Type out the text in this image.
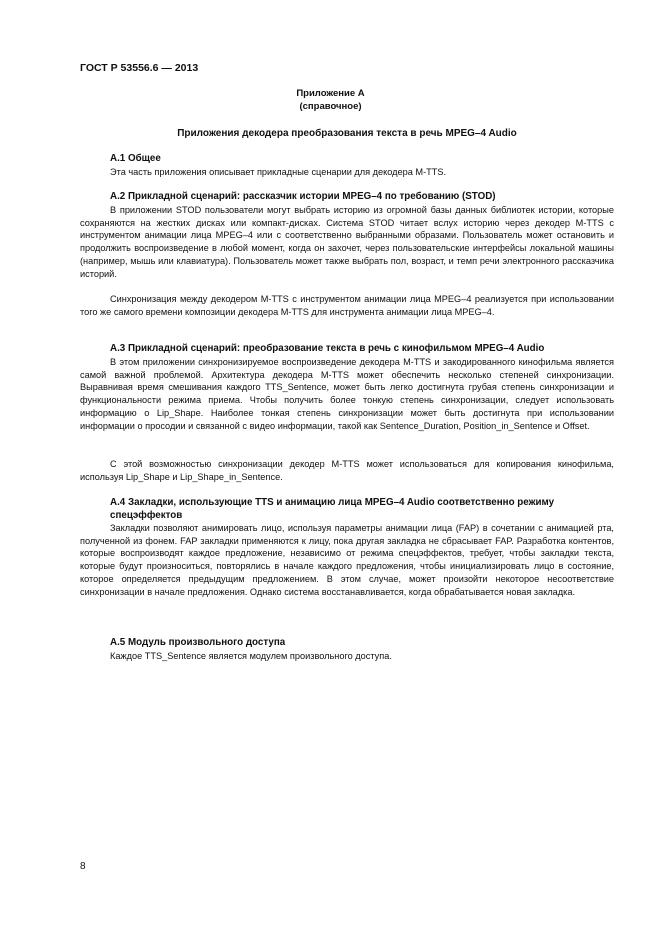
ГОСТ Р 53556.6 — 2013
Приложение А
(справочное)
Приложения декодера преобразования текста в речь MPEG–4 Audio
А.1 Общее
Эта часть приложения описывает прикладные сценарии для декодера M-TTS.
А.2 Прикладной сценарий: рассказчик истории MPEG–4 по требованию (STOD)
В приложении STOD пользователи могут выбрать историю из огромной базы данных библиотек истории, которые сохраняются на жестких дисках или компакт-дисках. Система STOD читает вслух историю через декодер M-TTS с инструментом анимации лица MPEG–4 или с соответственно выбранными образами. Пользователь может остановить и продолжить воспроизведение в любой момент, когда он захочет, через пользовательские интерфейсы локальной машины (например, мышь или клавиатура). Пользователь может также выбрать пол, возраст, и темп речи электронного рассказчика историй.
Синхронизация между декодером M-TTS с инструментом анимации лица MPEG–4 реализуется при использовании того же самого времени композиции декодера M-TTS для инструмента анимации лица MPEG–4.
А.3 Прикладной сценарий: преобразование текста в речь с кинофильмом MPEG–4 Audio
В этом приложении синхронизируемое воспроизведение декодера M-TTS и закодированного кинофильма является самой важной проблемой. Архитектура декодера M-TTS может обеспечить несколько степеней синхронизации. Выравнивая время смешивания каждого TTS_Sentence, может быть легко достигнута грубая степень синхронизации и функциональности режима приема. Чтобы получить более тонкую степень синхронизации, следует использовать информацию о Lip_Shape. Наиболее тонкая степень синхронизации может быть достигнута при использовании информации о просодии и связанной с видео информации, такой как Sentence_Duration, Position_in_Sentence и Offset.
С этой возможностью синхронизации декодер M-TTS может использоваться для копирования кинофильма, используя Lip_Shape и Lip_Shape_in_Sentence.
А.4 Закладки, использующие TTS и анимацию лица MPEG–4 Audio соответственно режиму спецэффектов
Закладки позволяют анимировать лицо, используя параметры анимации лица (FAP) в сочетании с анимацией рта, полученной из фонем. FAP закладки применяются к лицу, пока другая закладка не сбрасывает FAP. Разработка контентов, которые воспроизводят каждое предложение, независимо от режима спецэффектов, требует, чтобы закладки текста, которые будут произноситься, повторялись в начале каждого предложения, чтобы инициализировать лицо в состояние, которое определяется предыдущим предложением. В этом случае, может произойти некоторое несоответствие синхронизации в начале предложения. Однако система восстанавливается, когда обрабатывается новая закладка.
А.5 Модуль произвольного доступа
Каждое TTS_Sentence является модулем произвольного доступа.
8
